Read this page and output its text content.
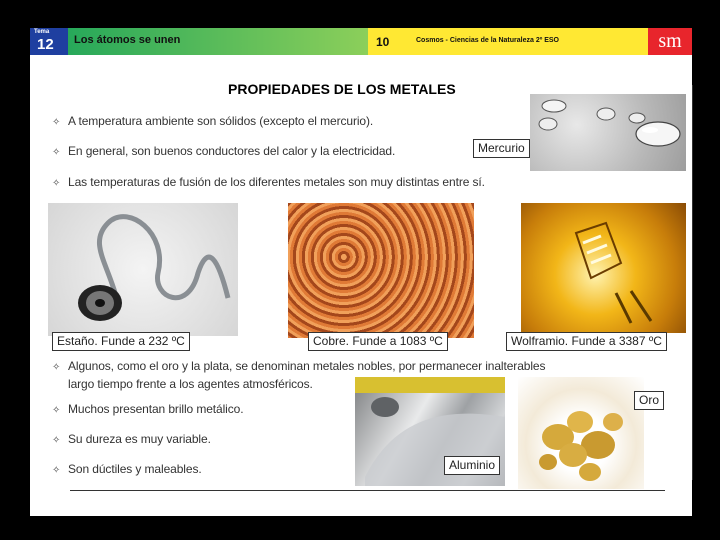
Tema
12 Los átomos se unen	10	Cosmos - Ciencias de la Naturaleza 2º ESO	sm
PROPIEDADES DE LOS METALES
✧ A temperatura ambiente son sólidos (excepto el mercurio).
✧ En general, son buenos conductores del calor y la electricidad.
✧ Las temperaturas de fusión de los diferentes metales son muy distintas entre sí.
Mercurio
Estaño. Funde a 232 ºC	Cobre. Funde a 1083 ºC	Wolframio. Funde a 3387 ºC
✧ Algunos, como el oro y la plata, se denominan metales nobles, por permanecer inalterables
largo tiempo frente a los agentes atmosféricos.
✧ Muchos presentan brillo metálico.
✧ Su dureza es muy variable.
✧ Son dúctiles y maleables.	Aluminio
Oro
